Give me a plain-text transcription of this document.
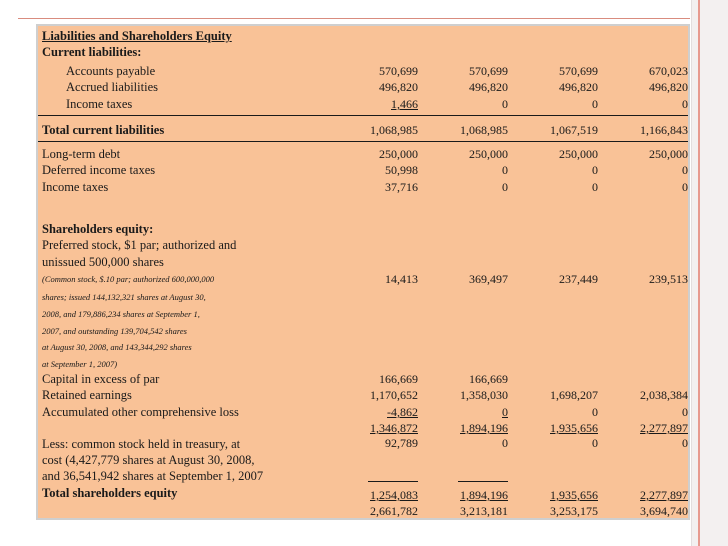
Liabilities and Shareholders Equity
Current liabilities:
Accounts payable	570,699	570,699	570,699	670,023
Accrued liabilities	496,820	496,820	496,820	496,820
Income taxes	1,466	0	0	0
Total current liabilities	1,068,985	1,068,985	1,067,519	1,166,843
Long-term debt	250,000	250,000	250,000	250,000
Deferred income taxes	50,998	0	0	0
Income taxes	37,716	0	0	0
Shareholders equity:
Preferred stock, $1 par; authorized and
unissued 500,000 shares
(Common stock, $.10 par; authorized 600,000,000	14,413	369,497	237,449	239,513
shares; issued 144,132,321 shares at August 30,
2008, and 179,886,234 shares at September 1,
2007, and outstanding 139,704,542 shares
at August 30, 2008, and 143,344,292 shares
at September 1, 2007)
Capital in excess of par	166,669	166,669
Retained earnings	1,170,652	1,358,030	1,698,207	2,038,384
Accumulated other comprehensive loss	-4,862	0	0	0
1,346,872	1,894,196	1,935,656	2,277,897
Less: common stock held in treasury, at	92,789	0	0	0
cost (4,427,779 shares at August 30, 2008,
and 36,541,942 shares at September 1, 2007
Total shareholders equity	1,254,083	1,894,196	1,935,656	2,277,897
2,661,782	3,213,181	3,253,175	3,694,740
